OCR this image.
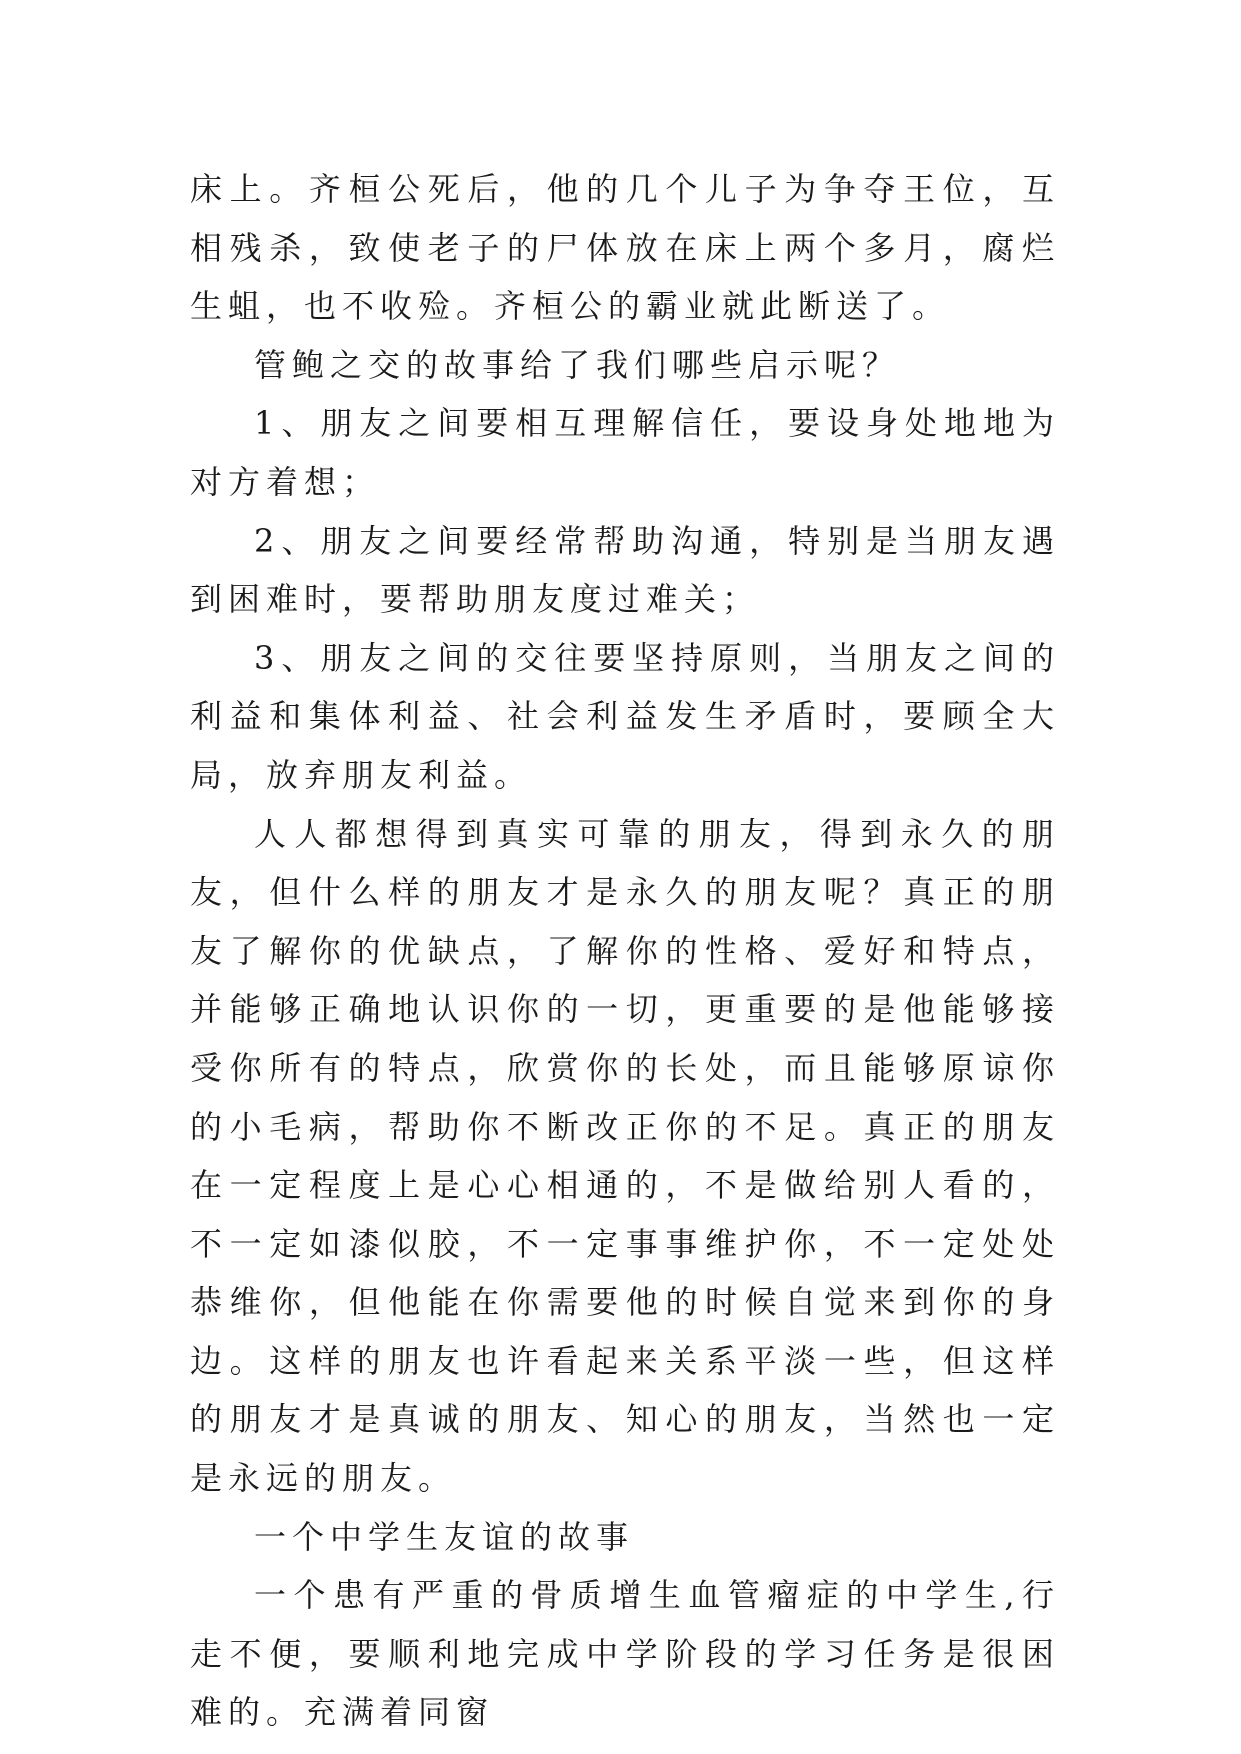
床上。齐桓公死后，他的几个儿子为争夺王位，互相残杀，致使老子的尸体放在床上两个多月，腐烂生蛆，也不收殓。齐桓公的霸业就此断送了。

管鲍之交的故事给了我们哪些启示呢？

1、朋友之间要相互理解信任，要设身处地地为对方着想；

2、朋友之间要经常帮助沟通，特别是当朋友遇到困难时，要帮助朋友度过难关；

3、朋友之间的交往要坚持原则，当朋友之间的利益和集体利益、社会利益发生矛盾时，要顾全大局，放弃朋友利益。

人人都想得到真实可靠的朋友，得到永久的朋友，但什么样的朋友才是永久的朋友呢？真正的朋友了解你的优缺点，了解你的性格、爱好和特点，并能够正确地认识你的一切，更重要的是他能够接受你所有的特点，欣赏你的长处，而且能够原谅你的小毛病，帮助你不断改正你的不足。真正的朋友在一定程度上是心心相通的，不是做给别人看的，不一定如漆似胶，不一定事事维护你，不一定处处恭维你，但他能在你需要他的时候自觉来到你的身边。这样的朋友也许看起来关系平淡一些，但这样的朋友才是真诚的朋友、知心的朋友，当然也一定是永远的朋友。

一个中学生友谊的故事

一个患有严重的骨质增生血管瘤症的中学生,行走不便，要顺利地完成中学阶段的学习任务是很困难的。充满着同窗
